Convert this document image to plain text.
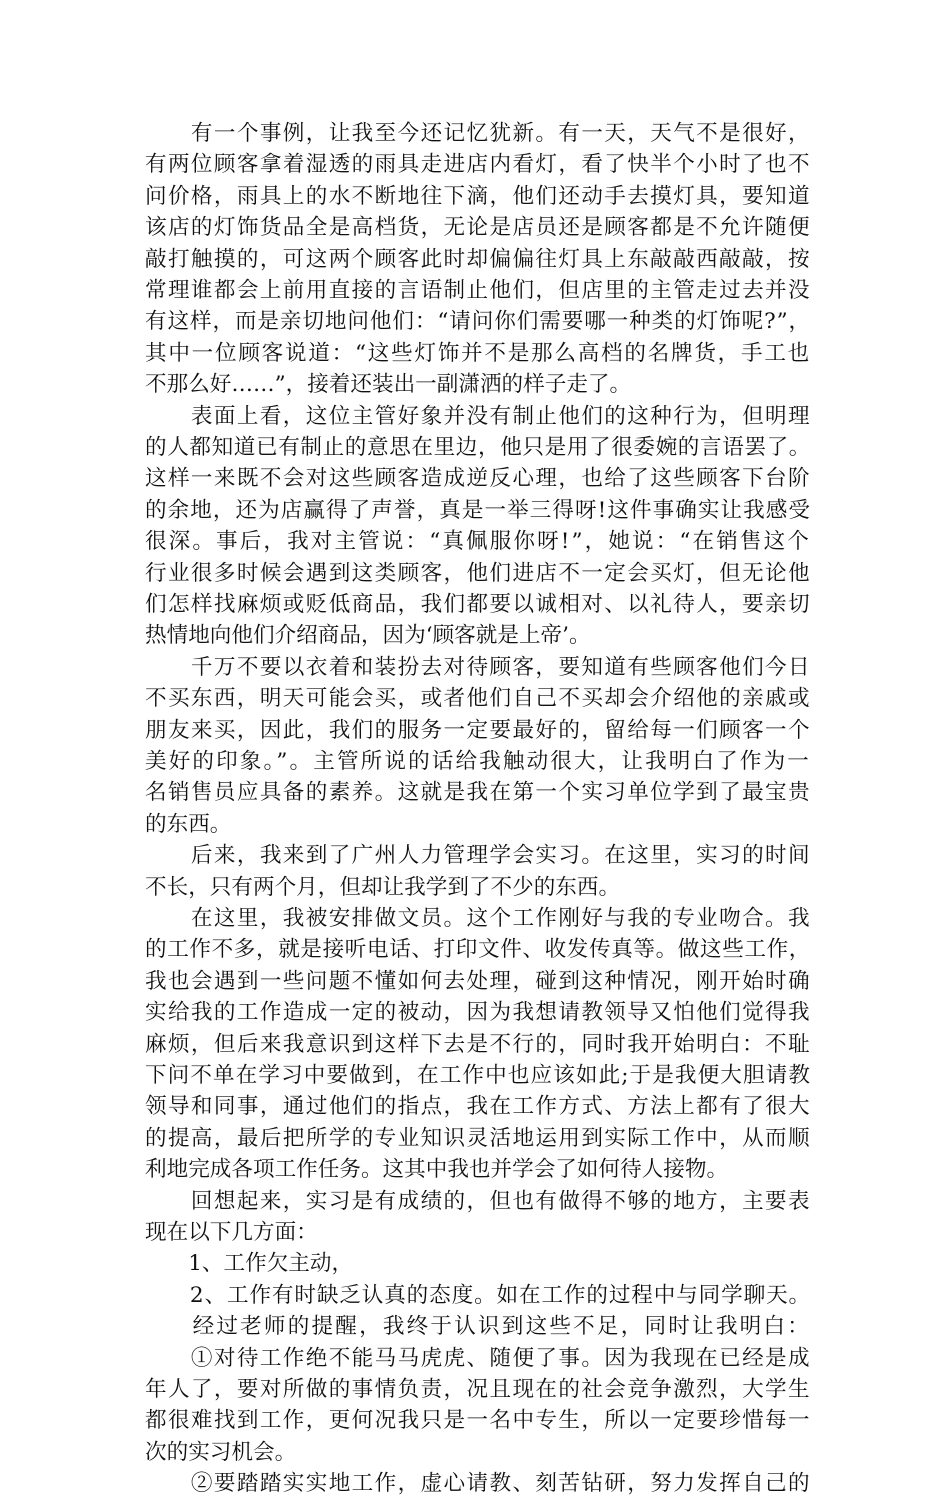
　　有一个事例，让我至今还记忆犹新。有一天，天气不是很好，
有两位顾客拿着湿透的雨具走进店内看灯，看了快半个小时了也不
问价格，雨具上的水不断地往下滴，他们还动手去摸灯具，要知道
该店的灯饰货品全是高档货，无论是店员还是顾客都是不允许随便
敲打触摸的，可这两个顾客此时却偏偏往灯具上东敲敲西敲敲，按
常理谁都会上前用直接的言语制止他们，但店里的主管走过去并没
有这样，而是亲切地问他们：“请问你们需要哪一种类的灯饰呢?”，
其中一位顾客说道：“这些灯饰并不是那么高档的名牌货，手工也
不那么好……”，接着还装出一副潇洒的样子走了。
　　表面上看，这位主管好象并没有制止他们的这种行为，但明理
的人都知道已有制止的意思在里边，他只是用了很委婉的言语罢了。
这样一来既不会对这些顾客造成逆反心理，也给了这些顾客下台阶
的余地，还为店赢得了声誉，真是一举三得呀!这件事确实让我感受
很深。事后，我对主管说：“真佩服你呀!”，她说：“在销售这个
行业很多时候会遇到这类顾客，他们进店不一定会买灯，但无论他
们怎样找麻烦或贬低商品，我们都要以诚相对、以礼待人，要亲切
热情地向他们介绍商品，因为‘顾客就是上帝’。
　　千万不要以衣着和装扮去对待顾客，要知道有些顾客他们今日
不买东西，明天可能会买，或者他们自己不买却会介绍他的亲戚或
朋友来买，因此，我们的服务一定要最好的，留给每一们顾客一个
美好的印象。”。主管所说的话给我触动很大，让我明白了作为一
名销售员应具备的素养。这就是我在第一个实习单位学到了最宝贵
的东西。
　　后来，我来到了广州人力管理学会实习。在这里，实习的时间
不长，只有两个月，但却让我学到了不少的东西。
　　在这里，我被安排做文员。这个工作刚好与我的专业吻合。我
的工作不多，就是接听电话、打印文件、收发传真等。做这些工作，
我也会遇到一些问题不懂如何去处理，碰到这种情况，刚开始时确
实给我的工作造成一定的被动，因为我想请教领导又怕他们觉得我
麻烦，但后来我意识到这样下去是不行的，同时我开始明白：不耻
下问不单在学习中要做到，在工作中也应该如此;于是我便大胆请教
领导和同事，通过他们的指点，我在工作方式、方法上都有了很大
的提高，最后把所学的专业知识灵活地运用到实际工作中，从而顺
利地完成各项工作任务。这其中我也并学会了如何待人接物。
　　回想起来，实习是有成绩的，但也有做得不够的地方，主要表
现在以下几方面：
　　1、工作欠主动，
　　2、工作有时缺乏认真的态度。如在工作的过程中与同学聊天。
　　经过老师的提醒，我终于认识到这些不足，同时让我明白：
　　①对待工作绝不能马马虎虎、随便了事。因为我现在已经是成
年人了，要对所做的事情负责，况且现在的社会竞争激烈，大学生
都很难找到工作，更何况我只是一名中专生，所以一定要珍惜每一
次的实习机会。
　　②要踏踏实实地工作，虚心请教、刻苦钻研，努力发挥自己的
